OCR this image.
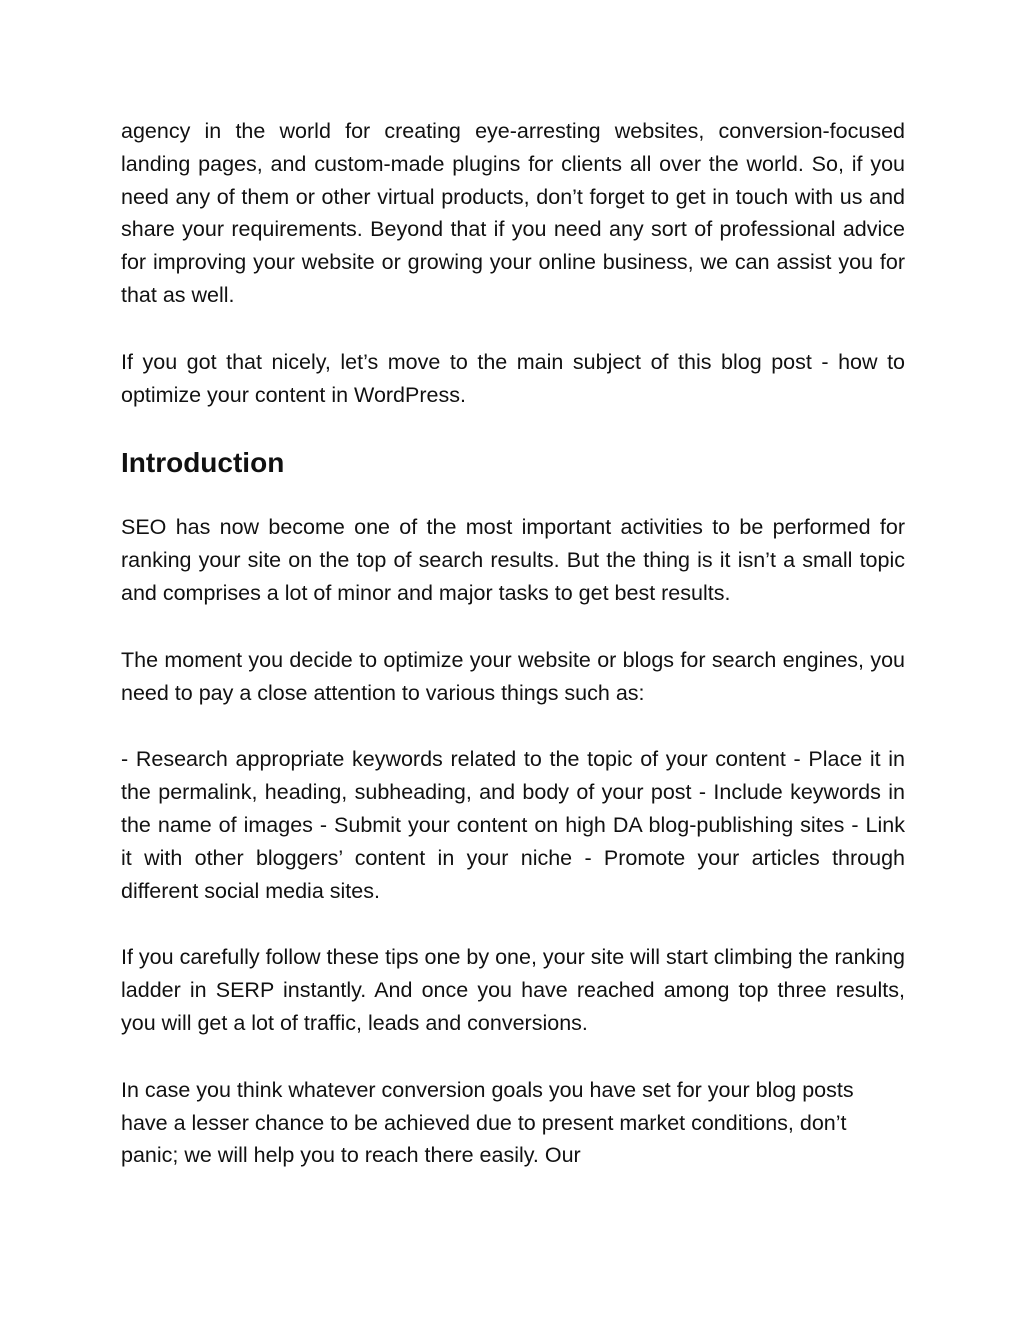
agency in the world for creating eye-arresting websites, conversion-focused landing pages, and custom-made plugins for clients all over the world. So, if you need any of them or other virtual products, don’t forget to get in touch with us and share your requirements. Beyond that if you need any sort of professional advice for improving your website or growing your online business, we can assist you for that as well.

If you got that nicely, let’s move to the main subject of this blog post - how to optimize your content in WordPress.

Introduction

SEO has now become one of the most important activities to be performed for ranking your site on the top of search results. But the thing is it isn’t a small topic and comprises a lot of minor and major tasks to get best results.

The moment you decide to optimize your website or blogs for search engines, you need to pay a close attention to various things such as:

- Research appropriate keywords related to the topic of your content - Place it in the permalink, heading, subheading, and body of your post - Include keywords in the name of images - Submit your content on high DA blog-publishing sites - Link it with other bloggers’ content in your niche - Promote your articles through different social media sites.

If you carefully follow these tips one by one, your site will start climbing the ranking ladder in SERP instantly. And once you have reached among top three results, you will get a lot of traffic, leads and conversions.

In case you think whatever conversion goals you have set for your blog posts have a lesser chance to be achieved due to present market conditions, don’t panic; we will help you to reach there easily. Our
